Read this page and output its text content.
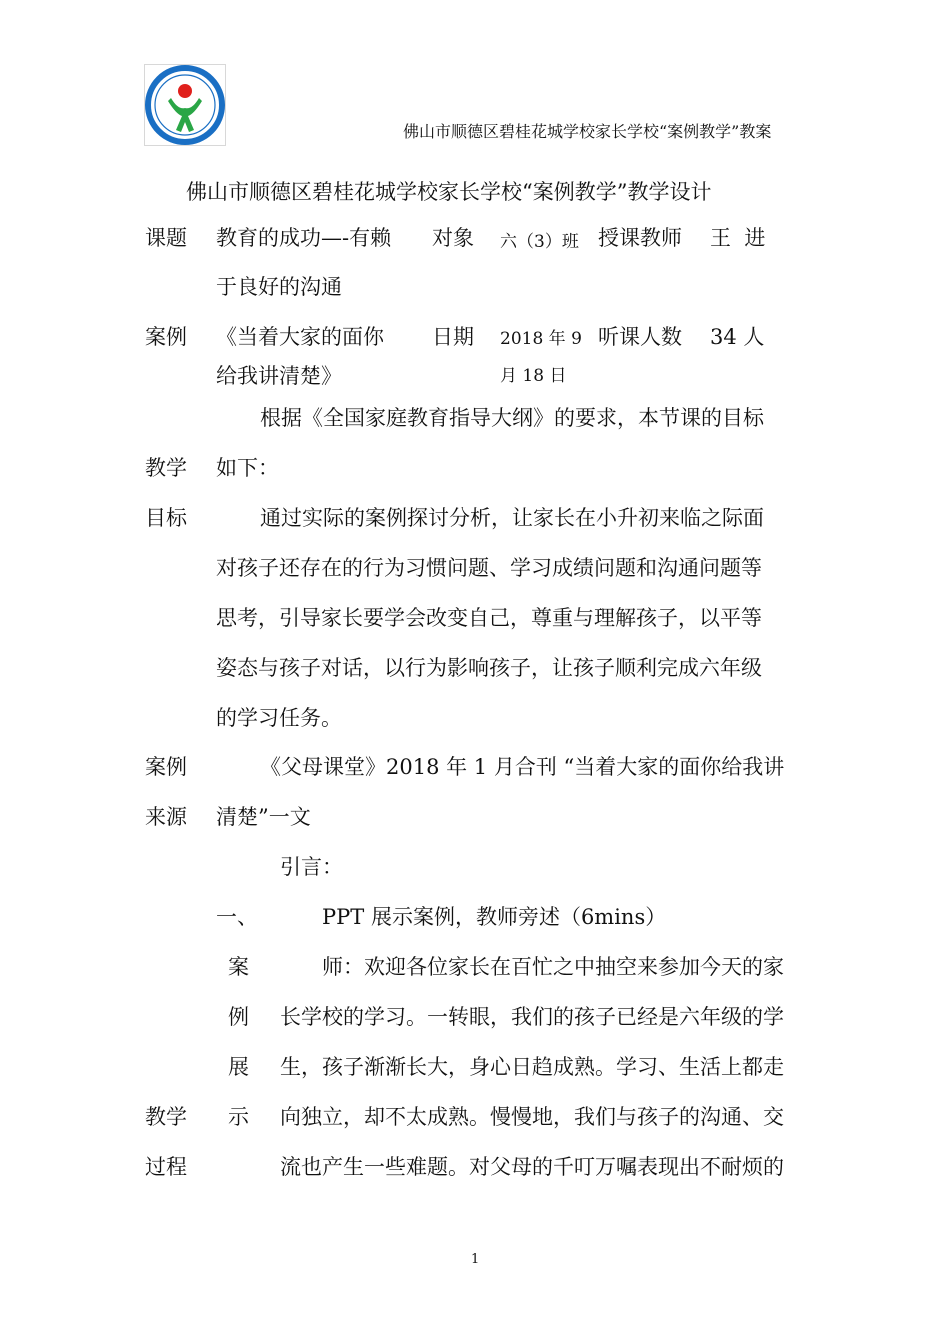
佛山市顺德区碧桂花城学校家长学校“案例教学”教案
佛山市顺德区碧桂花城学校家长学校“案例教学”教学设计
课题 教育的成功—-有赖
于良好的沟通
对象 六（3）班 授课教师 王  进
案例 《当着大家的面你
给我讲清楚》
日期 2018 年 9
月 18 日
听课人数 34 人
教学
目标
根据《全国家庭教育指导大纲》的要求，本节课的目标
如下：
通过实际的案例探讨分析，让家长在小升初来临之际面
对孩子还存在的行为习惯问题、学习成绩问题和沟通问题等
思考，引导家长要学会改变自己，尊重与理解孩子，以平等
姿态与孩子对话，以行为影响孩子，让孩子顺利完成六年级
的学习任务。
案例
来源
《父母课堂》2018 年 1 月合刊 “当着大家的面你给我讲
清楚”一文
引言：
一、	PPT 展示案例，教师旁述（6mins）
案
例
展
示
教学
过程
师：欢迎各位家长在百忙之中抽空来参加今天的家
长学校的学习。一转眼，我们的孩子已经是六年级的学
生，孩子渐渐长大，身心日趋成熟。学习、生活上都走
向独立，却不太成熟。慢慢地，我们与孩子的沟通、交
流也产生一些难题。对父母的千叮万嘱表现出不耐烦的
1
